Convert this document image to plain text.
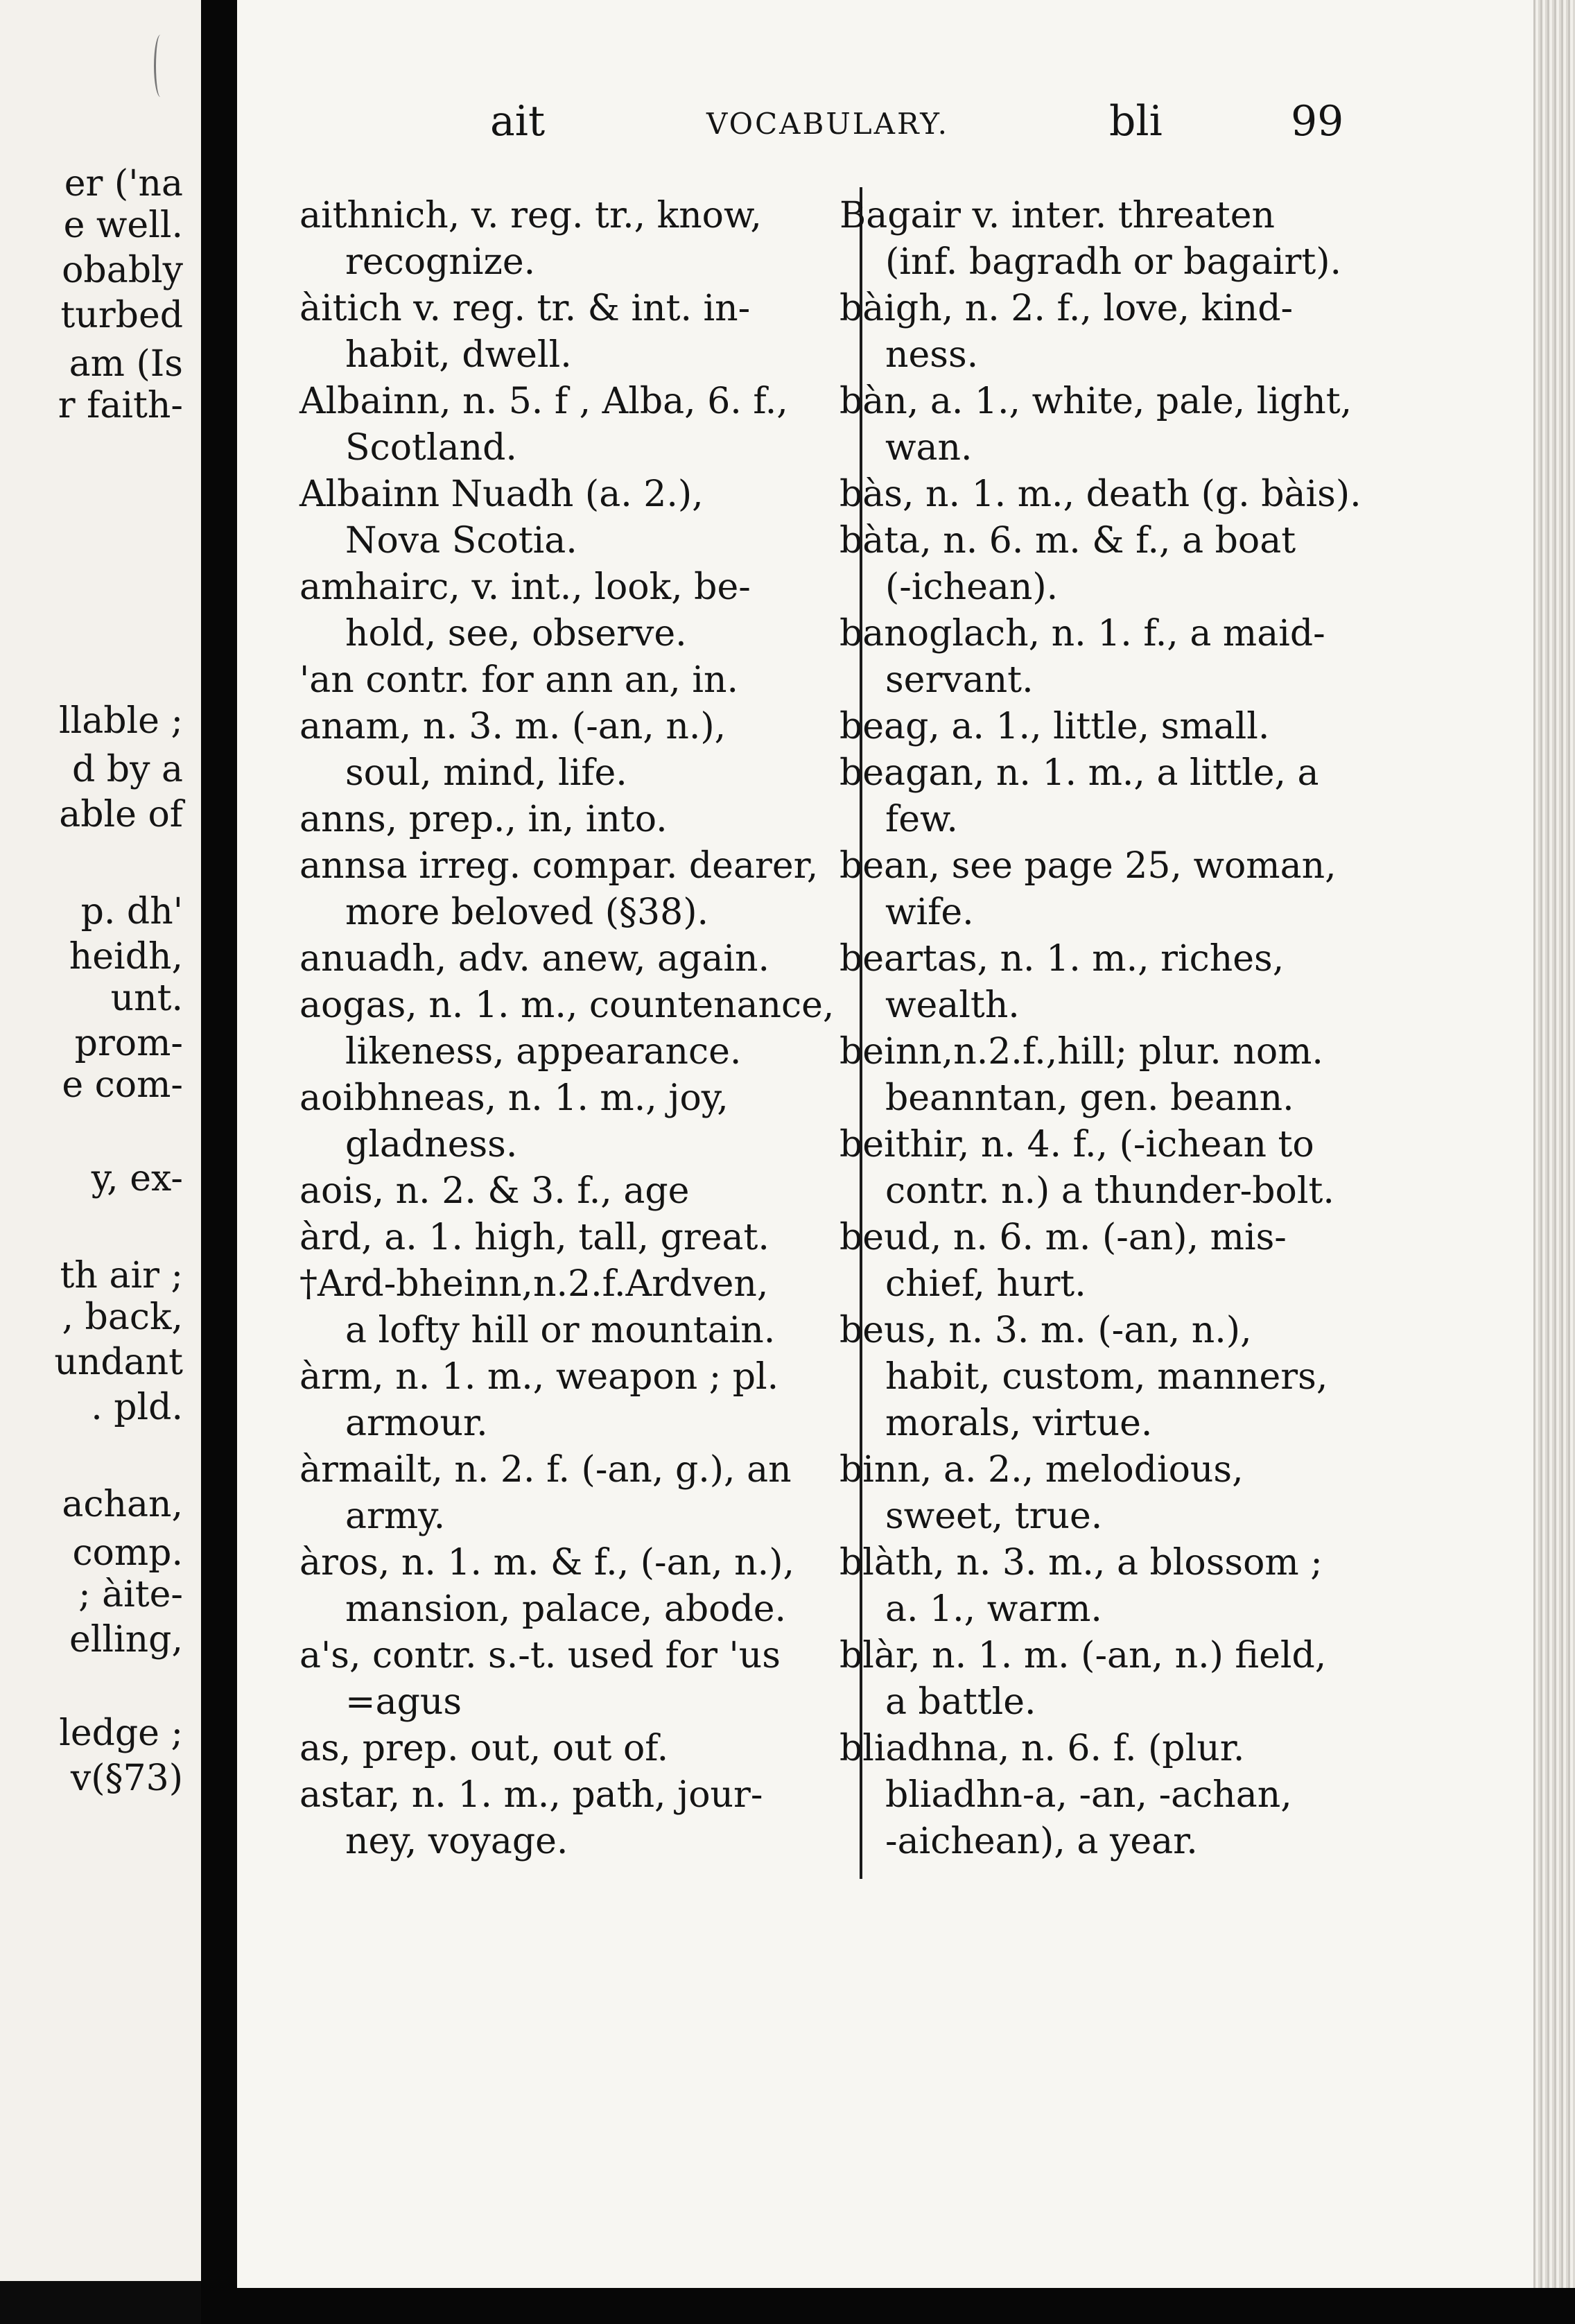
er ('na
e well.
obably
turbed
am (Is
r faith-
llable ;
d by a
able of
p. dh'
heidh,
unt.
prom-
e com-
y, ex-
th air ;
, back,
undant
. pld.
achan,
comp.
; àite-
elling,
ledge ;
v(§73)
ait	VOCABULARY.	bli	99
aithnich, v. reg. tr., know,
recognize.
àitich v. reg. tr. & int. in-
habit, dwell.
Albainn, n. 5. f , Alba, 6. f.,
Scotland.
Albainn Nuadh (a. 2.),
Nova Scotia.
amhairc, v. int., look, be-
hold, see, observe.
'an contr. for ann an, in.
anam, n. 3. m. (-an, n.),
soul, mind, life.
anns, prep., in, into.
annsa irreg. compar. dearer,
more beloved (§38).
anuadh, adv. anew, again.
aogas, n. 1. m., countenance,
likeness, appearance.
aoibhneas, n. 1. m., joy,
gladness.
aois, n. 2. & 3. f., age
àrd, a. 1. high, tall, great.
†Ard-bheinn,n.2.f.Ardven,
a lofty hill or mountain.
àrm, n. 1. m., weapon ; pl.
armour.
àrmailt, n. 2. f. (-an, g.), an
army.
àros, n. 1. m. & f., (-an, n.),
mansion, palace, abode.
a's, contr. s.-t. used for 'us
=agus
as, prep. out, out of.
astar, n. 1. m., path, jour-
ney, voyage.
Bagair v. inter. threaten
(inf. bagradh or bagairt).
bàigh, n. 2. f., love, kind-
ness.
bàn, a. 1., white, pale, light,
wan.
bàs, n. 1. m., death (g. bàis).
bàta, n. 6. m. & f., a boat
(-ichean).
banoglach, n. 1. f., a maid-
servant.
beag, a. 1., little, small.
beagan, n. 1. m., a little, a
few.
bean, see page 25, woman,
wife.
beartas, n. 1. m., riches,
wealth.
beinn,n.2.f.,hill; plur. nom.
beanntan, gen. beann.
beithir, n. 4. f., (-ichean to
contr. n.) a thunder-bolt.
beud, n. 6. m. (-an), mis-
chief, hurt.
beus, n. 3. m. (-an, n.),
habit, custom, manners,
morals, virtue.
binn, a. 2., melodious,
sweet, true.
blàth, n. 3. m., a blossom ;
a. 1., warm.
blàr, n. 1. m. (-an, n.) field,
a battle.
bliadhna, n. 6. f. (plur.
bliadhn-a, -an, -achan,
-aichean), a year.
